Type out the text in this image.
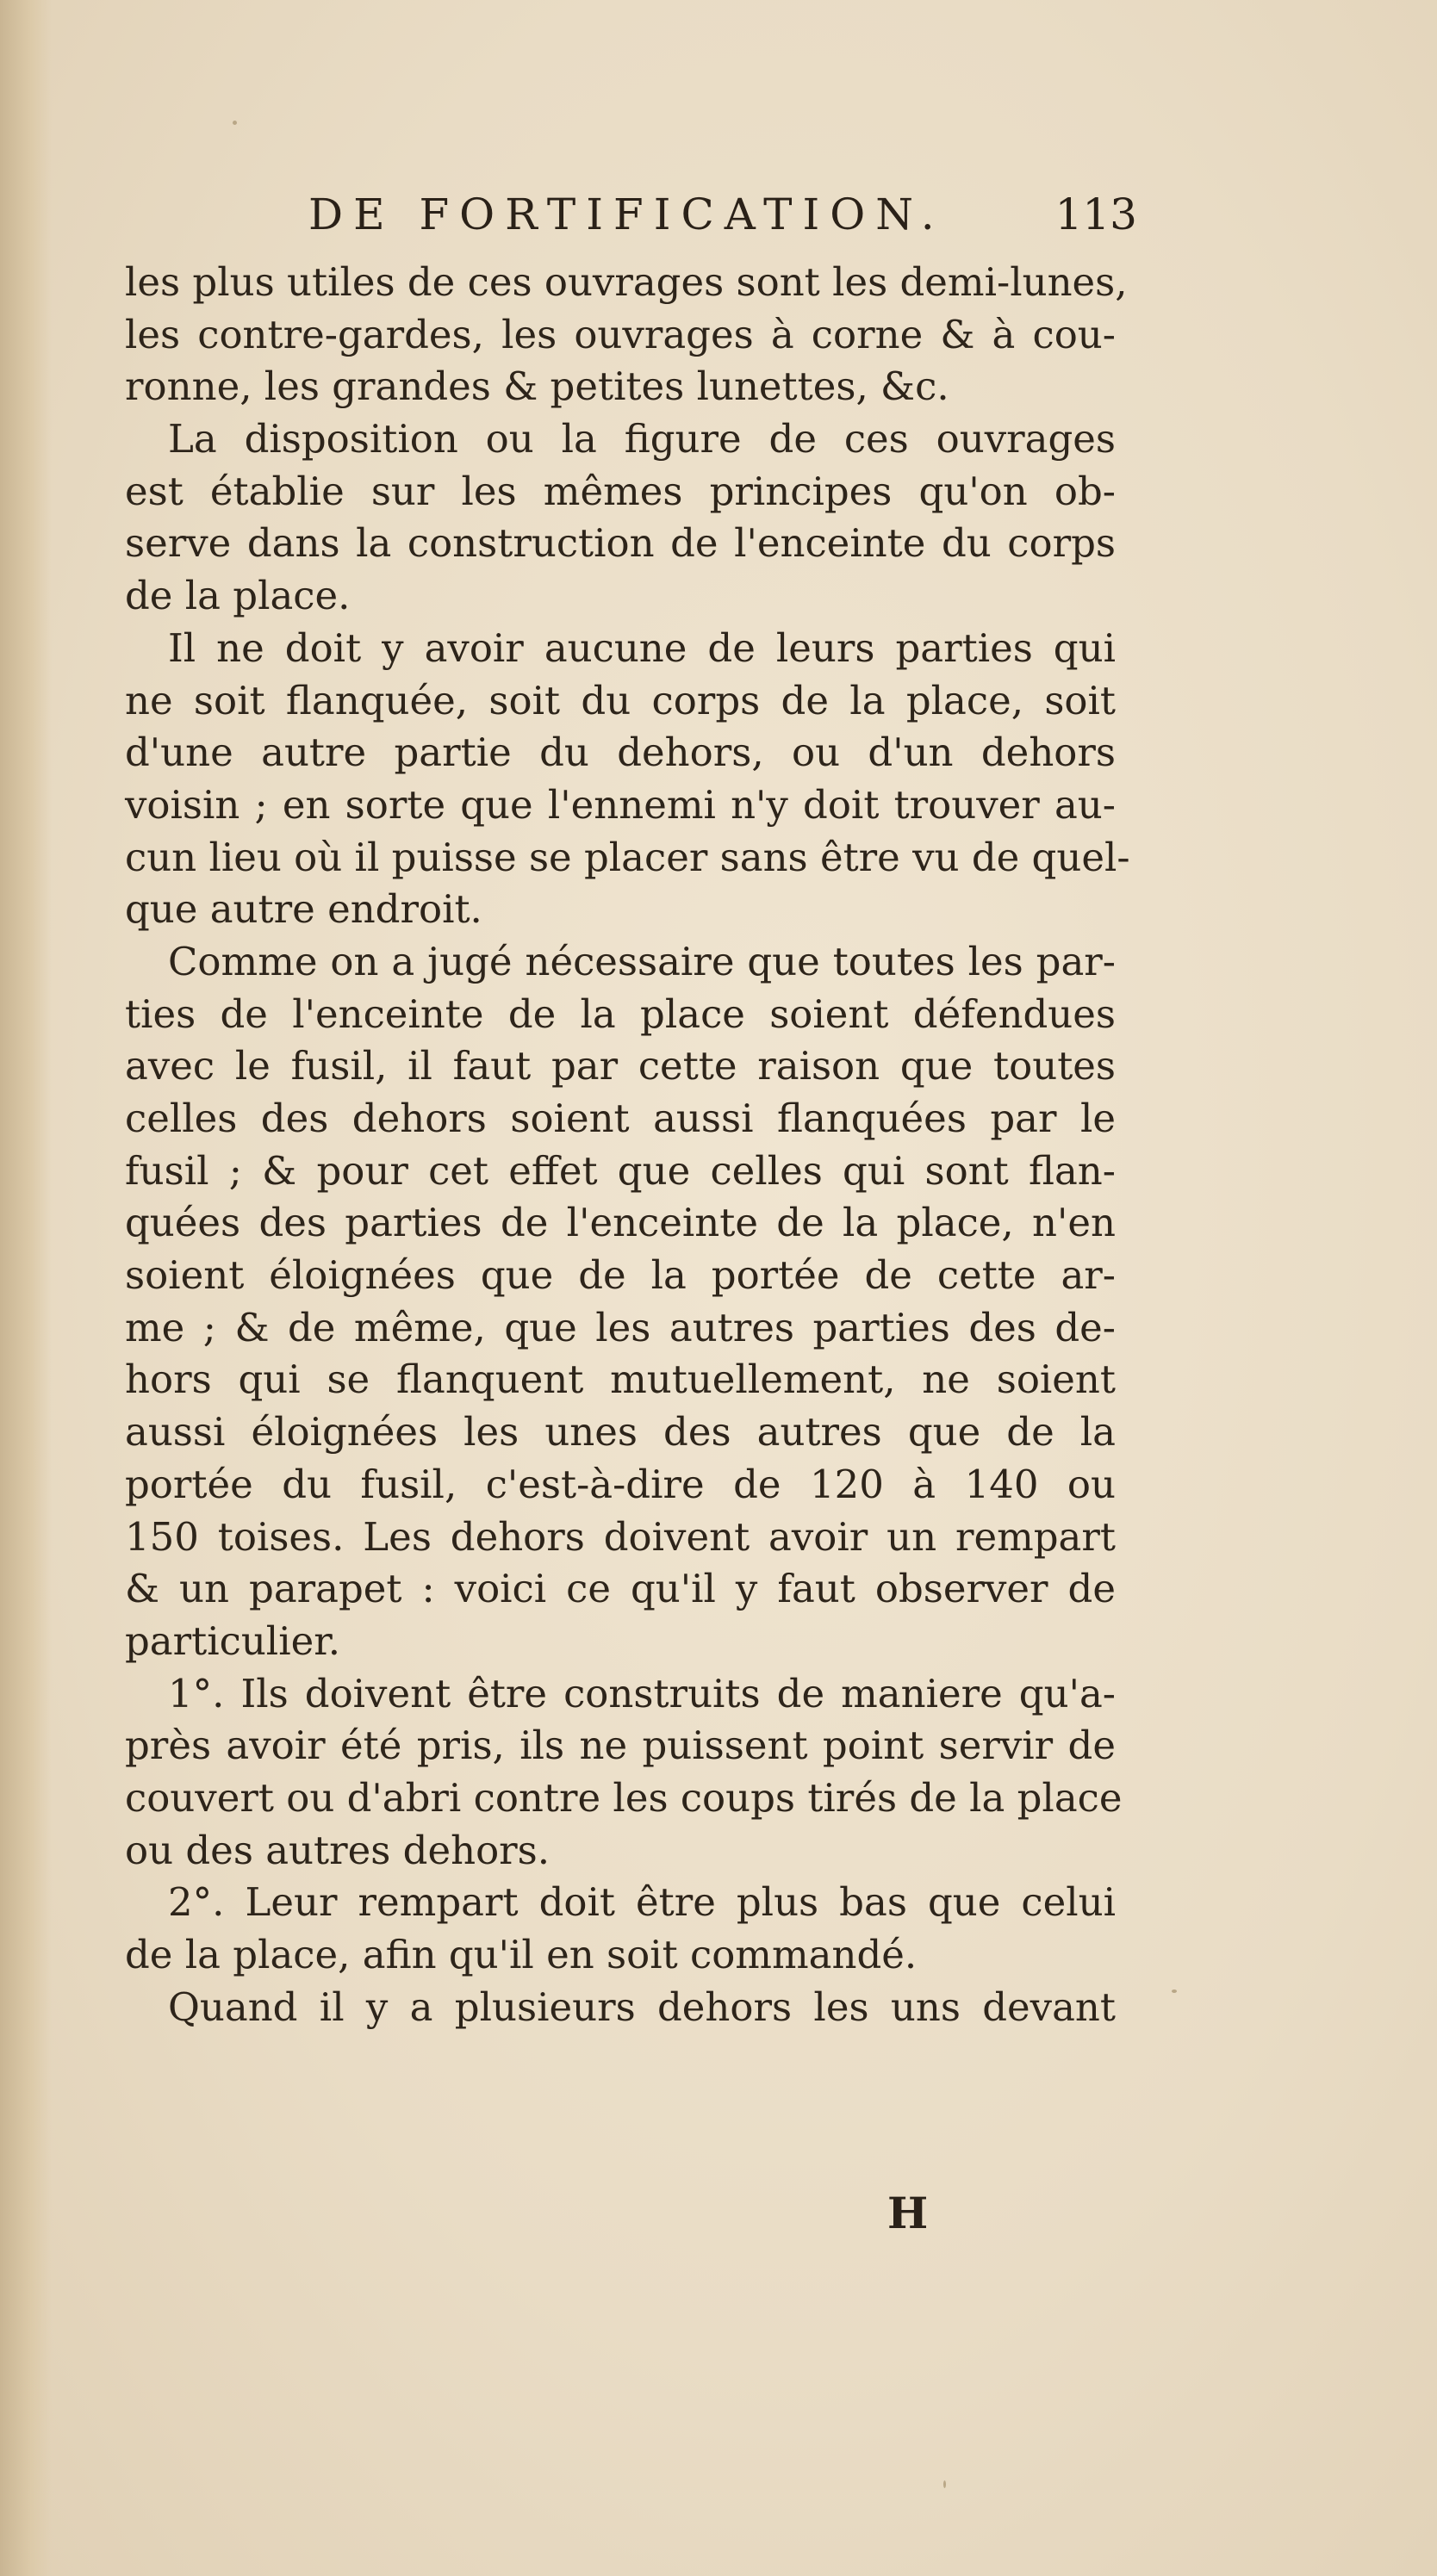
DE FORTIFICATION.	113
les plus utiles de ces ouvrages sont les demi-lunes,
les contre-gardes, les ouvrages à corne & à cou-
ronne, les grandes & petites lunettes, &c.
La disposition ou la figure de ces ouvrages
est établie sur les mêmes principes qu'on ob-
serve dans la construction de l'enceinte du corps
de la place.
Il ne doit y avoir aucune de leurs parties qui
ne soit flanquée, soit du corps de la place, soit
d'une autre partie du dehors, ou d'un dehors
voisin ; en sorte que l'ennemi n'y doit trouver au-
cun lieu où il puisse se placer sans être vu de quel-
que autre endroit.
Comme on a jugé nécessaire que toutes les par-
ties de l'enceinte de la place soient défendues
avec le fusil, il faut par cette raison que toutes
celles des dehors soient aussi flanquées par le
fusil ; & pour cet effet que celles qui sont flan-
quées des parties de l'enceinte de la place, n'en
soient éloignées que de la portée de cette ar-
me ; & de même, que les autres parties des de-
hors qui se flanquent mutuellement, ne soient
aussi éloignées les unes des autres que de la
portée du fusil, c'est-à-dire de 120 à 140 ou
150 toises. Les dehors doivent avoir un rempart
& un parapet : voici ce qu'il y faut observer de
particulier.
1°. Ils doivent être construits de maniere qu'a-
près avoir été pris, ils ne puissent point servir de
couvert ou d'abri contre les coups tirés de la place
ou des autres dehors.
2°. Leur rempart doit être plus bas que celui
de la place, afin qu'il en soit commandé.
Quand il y a plusieurs dehors les uns devant
H
